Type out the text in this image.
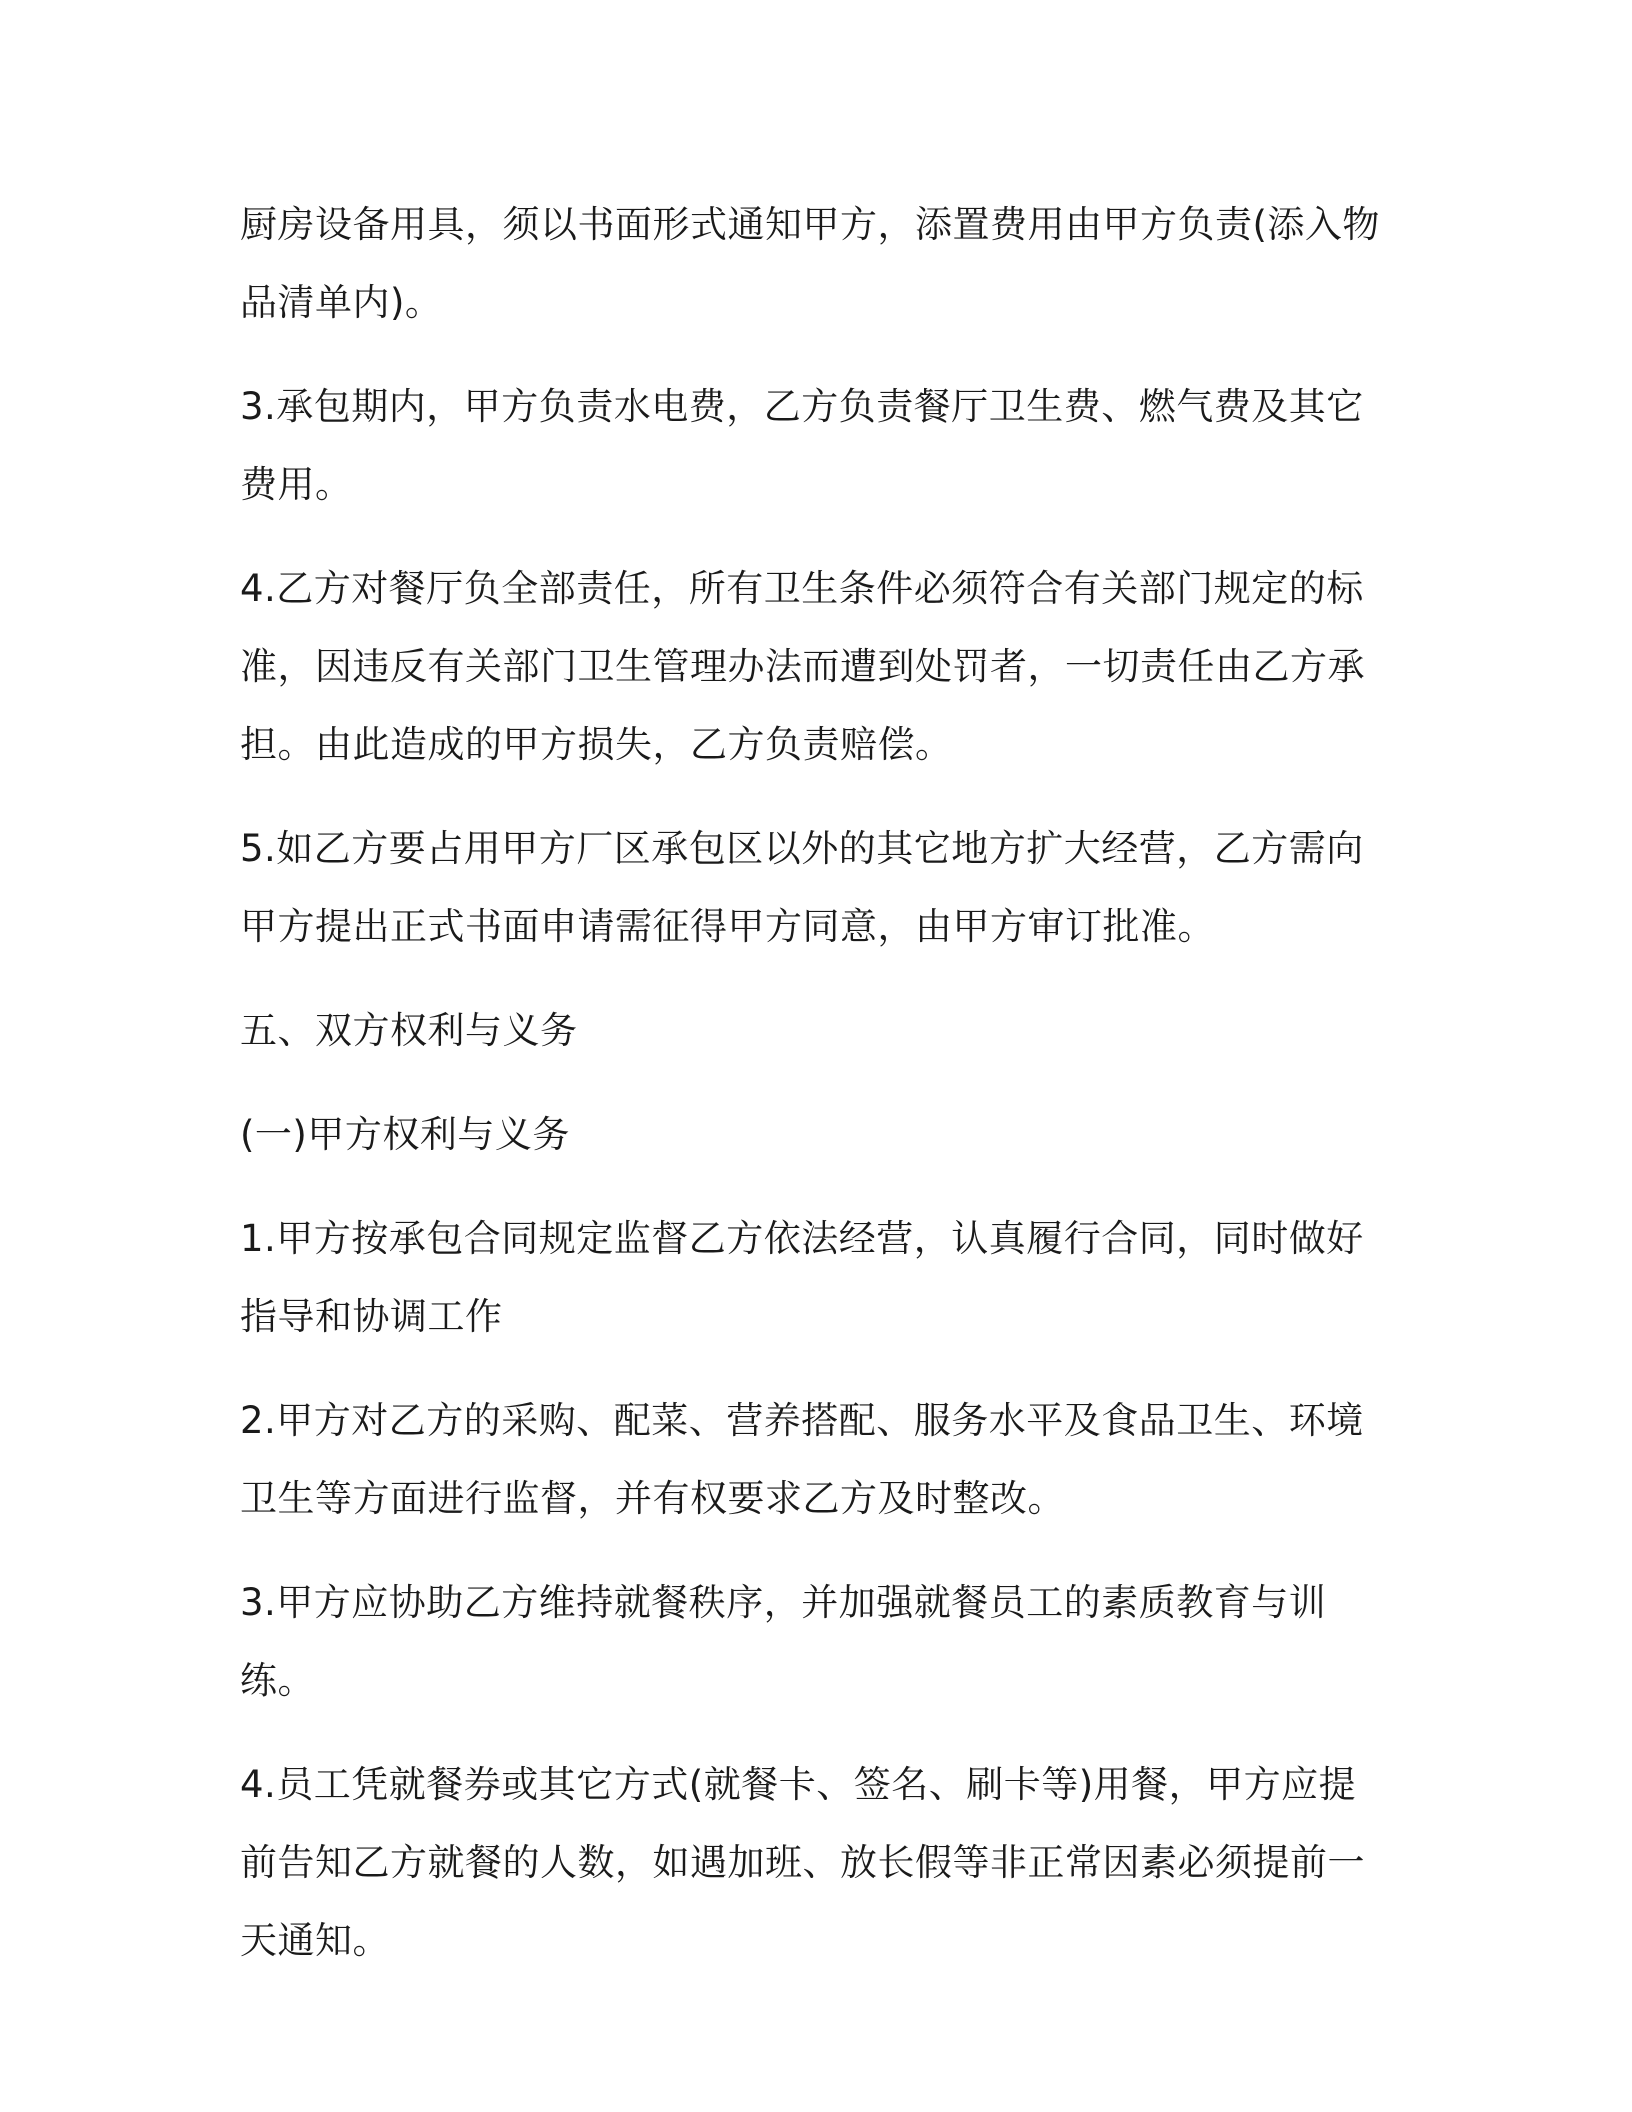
厨房设备用具，须以书面形式通知甲方，添置费用由甲方负责(添入物品清单内)。

3.承包期内，甲方负责水电费，乙方负责餐厅卫生费、燃气费及其它费用。

4.乙方对餐厅负全部责任，所有卫生条件必须符合有关部门规定的标准，因违反有关部门卫生管理办法而遭到处罚者，一切责任由乙方承担。由此造成的甲方损失，乙方负责赔偿。

5.如乙方要占用甲方厂区承包区以外的其它地方扩大经营，乙方需向甲方提出正式书面申请需征得甲方同意，由甲方审订批准。

五、双方权利与义务

(一)甲方权利与义务

1.甲方按承包合同规定监督乙方依法经营，认真履行合同，同时做好指导和协调工作

2.甲方对乙方的采购、配菜、营养搭配、服务水平及食品卫生、环境卫生等方面进行监督，并有权要求乙方及时整改。

3.甲方应协助乙方维持就餐秩序，并加强就餐员工的素质教育与训练。

4.员工凭就餐券或其它方式(就餐卡、签名、刷卡等)用餐，甲方应提前告知乙方就餐的人数，如遇加班、放长假等非正常因素必须提前一天通知。
